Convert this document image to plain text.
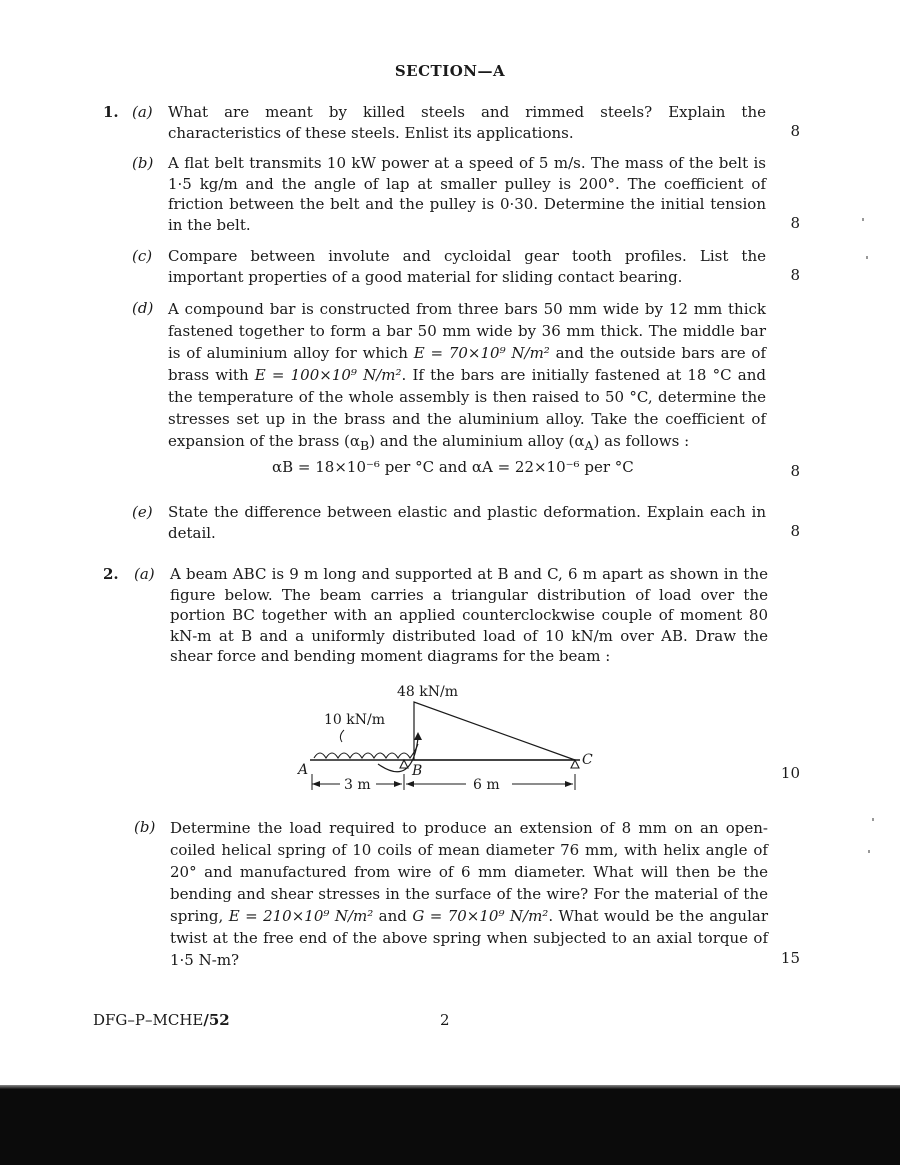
SECTION—A
1. (a) What are meant by killed steels and rimmed steels? Explain the characteristics of these steels. Enlist its applications.	8
(b) A flat belt transmits 10 kW power at a speed of 5 m/s. The mass of the belt is 1·5 kg/m and the angle of lap at smaller pulley is 200°. The coefficient of friction between the belt and the pulley is 0·30. Determine the initial tension in the belt.	8
(c) Compare between involute and cycloidal gear tooth profiles. List the important properties of a good material for sliding contact bearing.	8
(d) A compound bar is constructed from three bars 50 mm wide by 12 mm thick fastened together to form a bar 50 mm wide by 36 mm thick. The middle bar is of aluminium alloy for which E = 70×10⁹ N/m² and the outside bars are of brass with E = 100×10⁹ N/m². If the bars are initially fastened at 18 °C and the temperature of the whole assembly is then raised to 50 °C, determine the stresses set up in the brass and the aluminium alloy. Take the coefficient of expansion of the brass $(\alpha_B)$ and the aluminium alloy $(\alpha_A)$ as follows :
αB = 18×10⁻⁶ per °C and αA = 22×10⁻⁶ per °C	8
(e) State the difference between elastic and plastic deformation. Explain each in detail.	8
2. (a) A beam ABC is 9 m long and supported at B and C, 6 m apart as shown in the figure below. The beam carries a triangular distribution of load over the portion BC together with an applied counterclockwise couple of moment 80 kN-m at B and a uniformly distributed load of 10 kN/m over AB. Draw the shear force and bending moment diagrams for the beam :
10
48 kN/m
10 kN/m
A	B
C
3 m	6 m
(b) Determine the load required to produce an extension of 8 mm on an open-coiled helical spring of 10 coils of mean diameter 76 mm, with helix angle of 20° and manufactured from wire of 6 mm diameter. What will then be the bending and shear stresses in the surface of the wire? For the material of the spring, E = 210×10⁹ N/m² and G = 70×10⁹ N/m². What would be the angular twist at the free end of the above spring when subjected to an axial torque of 1·5 N-m?	15
DFG–P–MCHE/52	2
